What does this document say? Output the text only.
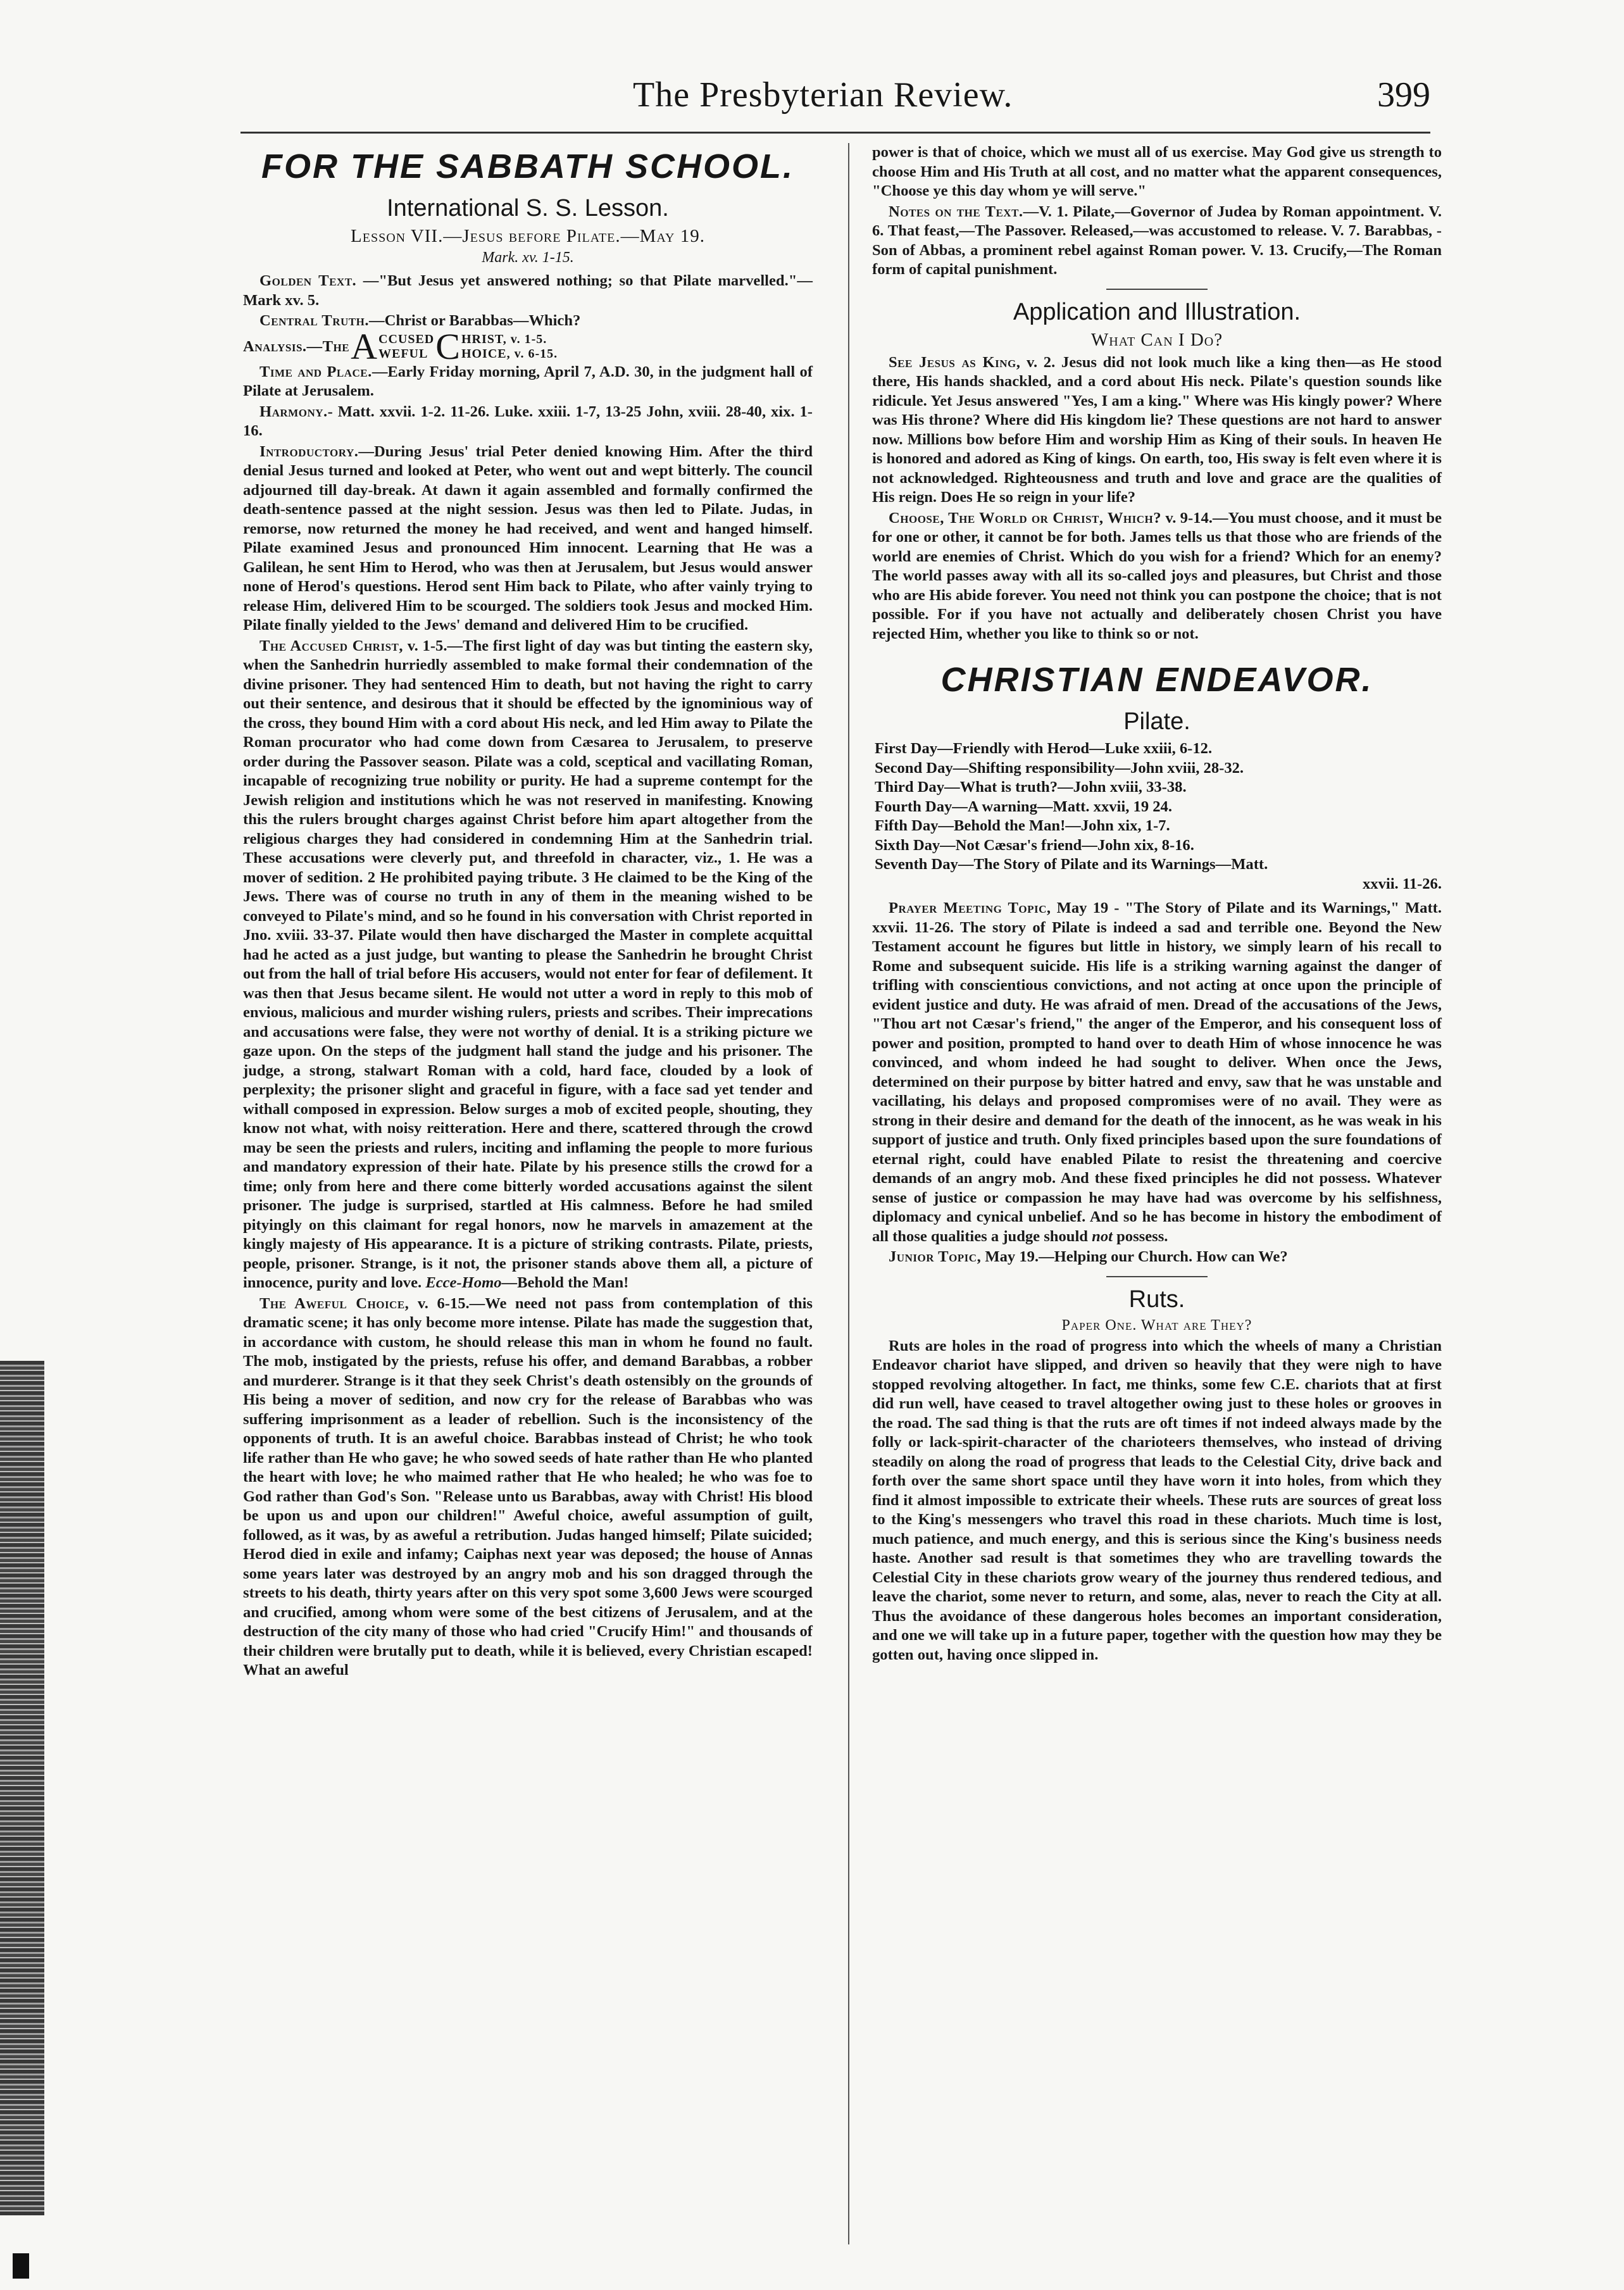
The Presbyterian Review.	399
FOR THE SABBATH SCHOOL.
International S. S. Lesson.
Lesson VII.—Jesus before Pilate.—May 19.
Mark. xv. 1-15.

Golden Text. —"But Jesus yet answered nothing; so that Pilate marvelled."—Mark xv. 5.

Central Truth.—Christ or Barabbas—Which?

Analysis.—The A CCUSED
WEFUL C HRIST, v. 1-5.
HOICE, v. 6-15.

Time and Place.—Early Friday morning, April 7, A.D. 30, in the judgment hall of Pilate at Jerusalem.

Harmony.- Matt. xxvii. 1-2. 11-26. Luke. xxiii. 1-7, 13-25 John, xviii. 28-40, xix. 1-16.

Introductory.—During Jesus' trial Peter denied knowing Him. After the third denial Jesus turned and looked at Peter, who went out and wept bitterly. The council adjourned till day-break. At dawn it again assembled and formally confirmed the death-sentence passed at the night session. Jesus was then led to Pilate. Judas, in remorse, now returned the money he had received, and went and hanged himself. Pilate examined Jesus and pronounced Him innocent. Learning that He was a Galilean, he sent Him to Herod, who was then at Jerusalem, but Jesus would answer none of Herod's questions. Herod sent Him back to Pilate, who after vainly trying to release Him, delivered Him to be scourged. The soldiers took Jesus and mocked Him. Pilate finally yielded to the Jews' demand and delivered Him to be crucified.

The Accused Christ, v. 1-5.—The first light of day was but tinting the eastern sky, when the Sanhedrin hurriedly assembled to make formal their condemnation of the divine prisoner. They had sentenced Him to death, but not having the right to carry out their sentence, and desirous that it should be effected by the ignominious way of the cross, they bound Him with a cord about His neck, and led Him away to Pilate the Roman procurator who had come down from Cæsarea to Jerusalem, to preserve order during the Passover season. Pilate was a cold, sceptical and vacillating Roman, incapable of recognizing true nobility or purity. He had a supreme contempt for the Jewish religion and institutions which he was not reserved in manifesting. Knowing this the rulers brought charges against Christ before him apart altogether from the religious charges they had considered in condemning Him at the Sanhedrin trial. These accusations were cleverly put, and threefold in character, viz., 1. He was a mover of sedition. 2 He prohibited paying tribute. 3 He claimed to be the King of the Jews. There was of course no truth in any of them in the meaning wished to be conveyed to Pilate's mind, and so he found in his conversation with Christ reported in Jno. xviii. 33-37. Pilate would then have discharged the Master in complete acquittal had he acted as a just judge, but wanting to please the Sanhedrin he brought Christ out from the hall of trial before His accusers, would not enter for fear of defilement. It was then that Jesus became silent. He would not utter a word in reply to this mob of envious, malicious and murder wishing rulers, priests and scribes. Their imprecations and accusations were false, they were not worthy of denial. It is a striking picture we gaze upon. On the steps of the judgment hall stand the judge and his prisoner. The judge, a strong, stalwart Roman with a cold, hard face, clouded by a look of perplexity; the prisoner slight and graceful in figure, with a face sad yet tender and withall composed in expression. Below surges a mob of excited people, shouting, they know not what, with noisy reitteration. Here and there, scattered through the crowd may be seen the priests and rulers, inciting and inflaming the people to more furious and mandatory expression of their hate. Pilate by his presence stills the crowd for a time; only from here and there come bitterly worded accusations against the silent prisoner. The judge is surprised, startled at His calmness. Before he had smiled pityingly on this claimant for regal honors, now he marvels in amazement at the kingly majesty of His appearance. It is a picture of striking contrasts. Pilate, priests, people, prisoner. Strange, is it not, the prisoner stands above them all, a picture of innocence, purity and love. Ecce-Homo—Behold the Man!

The Aweful Choice, v. 6-15.—We need not pass from contemplation of this dramatic scene; it has only become more intense. Pilate has made the suggestion that, in accordance with custom, he should release this man in whom he found no fault. The mob, instigated by the priests, refuse his offer, and demand Barabbas, a robber and murderer. Strange is it that they seek Christ's death ostensibly on the grounds of His being a mover of sedition, and now cry for the release of Barabbas who was suffering imprisonment as a leader of rebellion. Such is the inconsistency of the opponents of truth. It is an aweful choice. Barabbas instead of Christ; he who took life rather than He who gave; he who sowed seeds of hate rather than He who planted the heart with love; he who maimed rather that He who healed; he who was foe to God rather than God's Son. "Release unto us Barabbas, away with Christ! His blood be upon us and upon our children!" Aweful choice, aweful assumption of guilt, followed, as it was, by as aweful a retribution. Judas hanged himself; Pilate suicided; Herod died in exile and infamy; Caiphas next year was deposed; the house of Annas some years later was destroyed by an angry mob and his son dragged through the streets to his death, thirty years after on this very spot some 3,600 Jews were scourged and crucified, among whom were some of the best citizens of Jerusalem, and at the destruction of the city many of those who had cried "Crucify Him!" and thousands of their children were brutally put to death, while it is believed, every Christian escaped! What an aweful

power is that of choice, which we must all of us exercise. May God give us strength to choose Him and His Truth at all cost, and no matter what the apparent consequences, "Choose ye this day whom ye will serve."

Notes on the Text.—V. 1. Pilate,—Governor of Judea by Roman appointment. V. 6. That feast,—The Passover. Released,—was accustomed to release. V. 7. Barabbas, - Son of Abbas, a prominent rebel against Roman power. V. 13. Crucify,—The Roman form of capital punishment.

Application and Illustration.
What Can I Do?

See Jesus as King, v. 2. Jesus did not look much like a king then—as He stood there, His hands shackled, and a cord about His neck. Pilate's question sounds like ridicule. Yet Jesus answered "Yes, I am a king." Where was His kingly power? Where was His throne? Where did His kingdom lie? These questions are not hard to answer now. Millions bow before Him and worship Him as King of their souls. In heaven He is honored and adored as King of kings. On earth, too, His sway is felt even where it is not acknowledged. Righteousness and truth and love and grace are the qualities of His reign. Does He so reign in your life?

Choose, The World or Christ, Which? v. 9-14.—You must choose, and it must be for one or other, it cannot be for both. James tells us that those who are friends of the world are enemies of Christ. Which do you wish for a friend? Which for an enemy? The world passes away with all its so-called joys and pleasures, but Christ and those who are His abide forever. You need not think you can postpone the choice; that is not possible. For if you have not actually and deliberately chosen Christ you have rejected Him, whether you like to think so or not.

CHRISTIAN ENDEAVOR.
Pilate.
First Day—Friendly with Herod—Luke xxiii, 6-12.
Second Day—Shifting responsibility—John xviii, 28-32.
Third Day—What is truth?—John xviii, 33-38.
Fourth Day—A warning—Matt. xxvii, 19 24.
Fifth Day—Behold the Man!—John xix, 1-7.
Sixth Day—Not Cæsar's friend—John xix, 8-16.
Seventh Day—The Story of Pilate and its Warnings—Matt.
xxvii. 11-26.

Prayer Meeting Topic, May 19 - "The Story of Pilate and its Warnings," Matt. xxvii. 11-26. The story of Pilate is indeed a sad and terrible one. Beyond the New Testament account he figures but little in history, we simply learn of his recall to Rome and subsequent suicide. His life is a striking warning against the danger of trifling with conscientious convictions, and not acting at once upon the principle of evident justice and duty. He was afraid of men. Dread of the accusations of the Jews, "Thou art not Cæsar's friend," the anger of the Emperor, and his consequent loss of power and position, prompted to hand over to death Him of whose innocence he was convinced, and whom indeed he had sought to deliver. When once the Jews, determined on their purpose by bitter hatred and envy, saw that he was unstable and vacillating, his delays and proposed compromises were of no avail. They were as strong in their desire and demand for the death of the innocent, as he was weak in his support of justice and truth. Only fixed principles based upon the sure foundations of eternal right, could have enabled Pilate to resist the threatening and coercive demands of an angry mob. And these fixed principles he did not possess. Whatever sense of justice or compassion he may have had was overcome by his selfishness, diplomacy and cynical unbelief. And so he has become in history the embodiment of all those qualities a judge should not possess.

Junior Topic, May 19.—Helping our Church. How can We?

Ruts.
Paper One. What are They?

Ruts are holes in the road of progress into which the wheels of many a Christian Endeavor chariot have slipped, and driven so heavily that they were nigh to have stopped revolving altogether. In fact, me thinks, some few C.E. chariots that at first did run well, have ceased to travel altogether owing just to these holes or grooves in the road. The sad thing is that the ruts are oft times if not indeed always made by the folly or lack-spirit-character of the charioteers themselves, who instead of driving steadily on along the road of progress that leads to the Celestial City, drive back and forth over the same short space until they have worn it into holes, from which they find it almost impossible to extricate their wheels. These ruts are sources of great loss to the King's messengers who travel this road in these chariots. Much time is lost, much patience, and much energy, and this is serious since the King's business needs haste. Another sad result is that sometimes they who are travelling towards the Celestial City in these chariots grow weary of the journey thus rendered tedious, and leave the chariot, some never to return, and some, alas, never to reach the City at all. Thus the avoidance of these dangerous holes becomes an important consideration, and one we will take up in a future paper, together with the question how may they be gotten out, having once slipped in.
